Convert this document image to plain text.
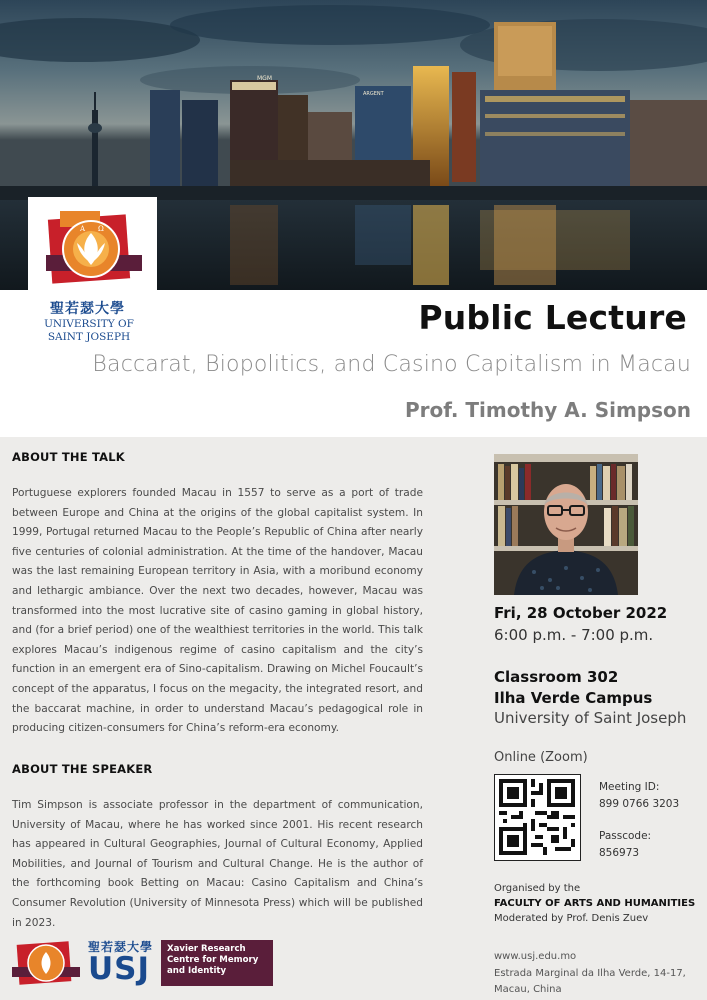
MGM
ARGENT
A Ω
聖若瑟大學
UNIVERSITY OF
SAINT JOSEPH	Public Lecture
Baccarat, Biopolitics, and Casino Capitalism in Macau
Prof. Timothy A. Simpson
ABOUT THE TALK
Portuguese explorers founded Macau in 1557 to serve as a port of trade between Europe and China at the origins of the global capitalist system. In 1999, Portugal returned Macau to the People’s Republic of China after nearly five centuries of colonial administration. At the time of the handover, Macau was the last remaining European territory in Asia, with a moribund economy and lethargic ambiance. Over the next two decades, however, Macau was transformed into the most lucrative site of casino gaming in global history, and (for a brief period) one of the wealthiest territories in the world. This talk explores Macau’s indigenous regime of casino capitalism and the city’s function in an emergent era of Sino-capitalism. Drawing on Michel Foucault’s concept of the apparatus, I focus on the megacity, the integrated resort, and the baccarat machine, in order to understand Macau’s pedagogical role in producing citizen-consumers for China’s reform-era economy.
ABOUT THE SPEAKER
Tim Simpson is associate professor in the department of communication, University of Macau, where he has worked since 2001. His recent research has appeared in Cultural Geographies, Journal of Cultural Economy, Applied Mobilities, and Journal of Tourism and Cultural Change. He is the author of the forthcoming book Betting on Macau: Casino Capitalism and China’s Consumer Revolution (University of Minnesota Press) which will be published in 2023.
Fri, 28 October 2022
6:00 p.m. - 7:00 p.m.
Classroom 302
Ilha Verde Campus
University of Saint Joseph
Online (Zoom)
Meeting ID:
899 0766 3203
Passcode:
856973
Organised by the
FACULTY OF ARTS AND HUMANITIES
Moderated by Prof. Denis Zuev
www.usj.edu.mo
Estrada Marginal da Ilha Verde, 14-17,
Macau, China
聖若瑟大學
USJ
Xavier Research Centre for Memory and Identity
